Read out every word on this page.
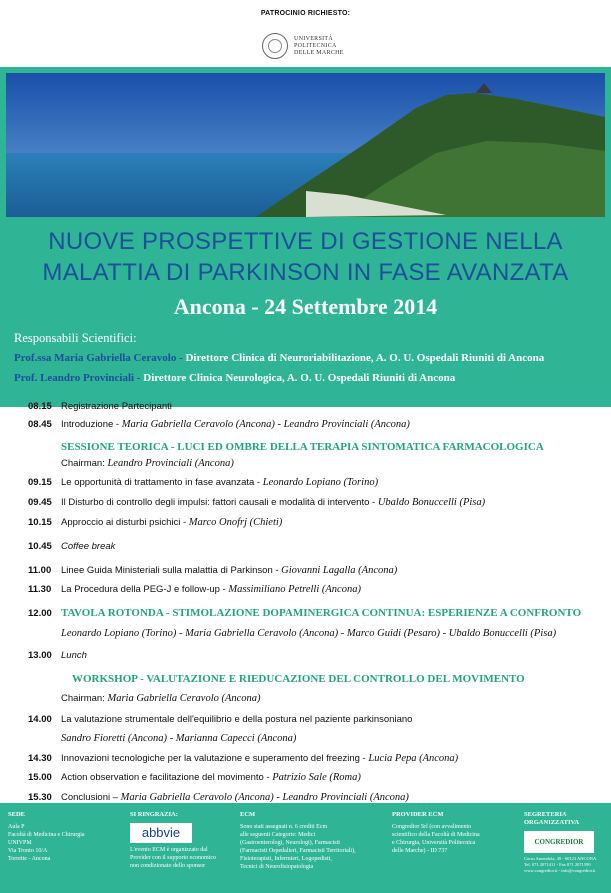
PATROCINIO RICHIESTO:
UNIVERSITÀ
POLITECNICA
DELLE MARCHE
NUOVE PROSPETTIVE DI GESTIONE NELLA
MALATTIA DI PARKINSON IN FASE AVANZATA
Ancona - 24 Settembre 2014
Responsabili Scientifici:
Prof.ssa Maria Gabriella Ceravolo - Direttore Clinica di Neuroriabilitazione, A. O. U. Ospedali Riuniti di Ancona
Prof. Leandro Provinciali - Direttore Clinica Neurologica, A. O. U. Ospedali Riuniti di Ancona
08.15 Registrazione Partecipanti
08.45 Introduzione - Maria Gabriella Ceravolo (Ancona) - Leandro Provinciali (Ancona)
SESSIONE TEORICA - LUCI ED OMBRE DELLA TERAPIA SINTOMATICA FARMACOLOGICA
Chairman: Leandro Provinciali (Ancona)
09.15 Le opportunità di trattamento in fase avanzata - Leonardo Lopiano (Torino)
09.45 Il Disturbo di controllo degli impulsi: fattori causali e modalità di intervento - Ubaldo Bonuccelli (Pisa)
10.15 Approccio ai disturbi psichici - Marco Onofrj (Chieti)
10.45 Coffee break
11.00 Linee Guida Ministeriali sulla malattia di Parkinson - Giovanni Lagalla (Ancona)
11.30 La Procedura della PEG-J e follow-up - Massimiliano Petrelli (Ancona)
12.00 TAVOLA ROTONDA - STIMOLAZIONE DOPAMINERGICA CONTINUA: ESPERIENZE A CONFRONTO
Leonardo Lopiano (Torino) - Maria Gabriella Ceravolo (Ancona) - Marco Guidi (Pesaro) - Ubaldo Bonuccelli (Pisa)
13.00 Lunch
WORKSHOP - VALUTAZIONE E RIEDUCAZIONE DEL CONTROLLO DEL MOVIMENTO
Chairman: Maria Gabriella Ceravolo (Ancona)
14.00 La valutazione strumentale dell'equilibrio e della postura nel paziente parkinsoniano
Sandro Fioretti (Ancona) - Marianna Capecci (Ancona)
14.30 Innovazioni tecnologiche per la valutazione e superamento del freezing - Lucia Pepa (Ancona)
15.00 Action observation e facilitazione del movimento - Patrizio Sale (Roma)
15.30 Conclusioni – Maria Gabriella Ceravolo (Ancona) - Leandro Provinciali (Ancona)
SEDE
Aula P
Facoltà di Medicina e Chirurgia
UNIVPM
Via Tronto 10/A
Torrette - Ancona
SI RINGRAZIA:
abbvie
L'evento ECM è organizzato dal
Provider con il supporto economico
non condizionato dello sponsor
ECM
Sono stati assegnati n. 6 crediti Ecm
alle seguenti Categorie: Medici
(Gastroenterologi, Neurologi), Farmacisti
(Farmacisti Ospedalieri, Farmacisti Territoriali),
Fisioterapisti, Infermieri, Logopedisti,
Tecnici di Neurofisiopatologia
PROVIDER ECM
Congredior Srl (con avvalimento
scientifico della Facoltà di Medicina
e Chirurgia, Università Politecnica
delle Marche) - ID 737
SEGRETERIA ORGANIZZATIVA
CONGREDIOR
Corso Amendola, 49 - 60123 ANCONA
Tel. 071 2071411 - Fax 071 2071599
www.congredior.it - info@congredior.it
